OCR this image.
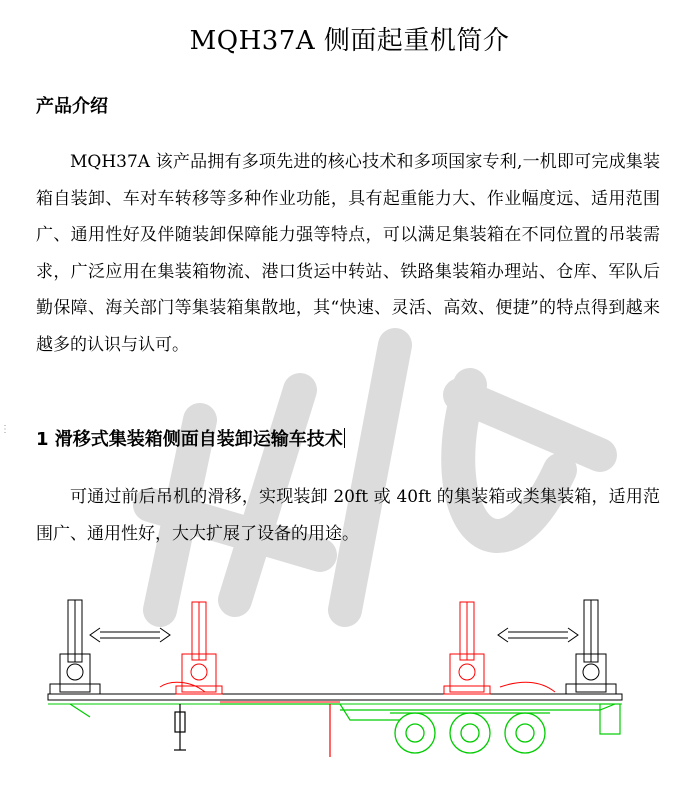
MQH37A 侧面起重机简介
产品介绍

MQH37A 该产品拥有多项先进的核心技术和多项国家专利,一机即可完成集装箱自装卸、车对车转移等多种作业功能，具有起重能力大、作业幅度远、适用范围广、通用性好及伴随装卸保障能力强等特点，可以满足集装箱在不同位置的吊装需求，广泛应用在集装箱物流、港口货运中转站、铁路集装箱办理站、仓库、军队后勤保障、海关部门等集装箱集散地，其“快速、灵活、高效、便捷”的特点得到越来越多的认识与认可。

⋮ 1 滑移式集装箱侧面自装卸运输车技术

可通过前后吊机的滑移，实现装卸 20ft 或 40ft 的集装箱或类集装箱，适用范围广、通用性好，大大扩展了设备的用途。
